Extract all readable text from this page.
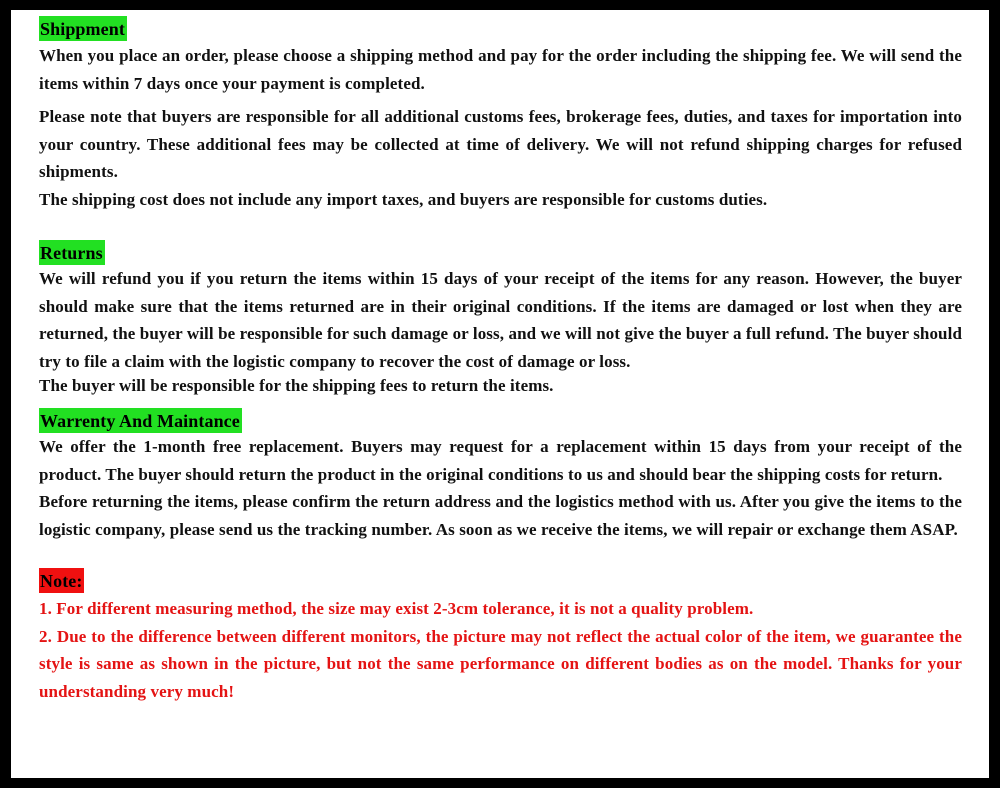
Shippment

When you place an order, please choose a shipping method and pay for the order including the shipping fee. We will send the items within 7 days once your payment is completed.

Please note that buyers are responsible for all additional customs fees, brokerage fees, duties, and taxes for importation into your country. These additional fees may be collected at time of delivery. We will not refund shipping charges for refused shipments.

The shipping cost does not include any import taxes, and buyers are responsible for customs duties.

Returns

We will refund you if you return the items within 15 days of your receipt of the items for any reason. However, the buyer should make sure that the items returned are in their original conditions. If the items are damaged or lost when they are returned, the buyer will be responsible for such damage or loss, and we will not give the buyer a full refund. The buyer should try to file a claim with the logistic company to recover the cost of damage or loss.

The buyer will be responsible for the shipping fees to return the items.

Warrenty And Maintance

We offer the 1-month free replacement. Buyers may request for a replacement within 15 days from your receipt of the product. The buyer should return the product in the original conditions to us and should bear the shipping costs for return.

Before returning the items, please confirm the return address and the logistics method with us. After you give the items to the logistic company, please send us the tracking number. As soon as we receive the items, we will repair or exchange them ASAP.

Note:

1. For different measuring method, the size may exist 2-3cm tolerance, it is not a quality problem.

2. Due to the difference between different monitors, the picture may not reflect the actual color of the item, we guarantee the style is same as shown in the picture, but not the same performance on different bodies as on the model. Thanks for your understanding very much!
